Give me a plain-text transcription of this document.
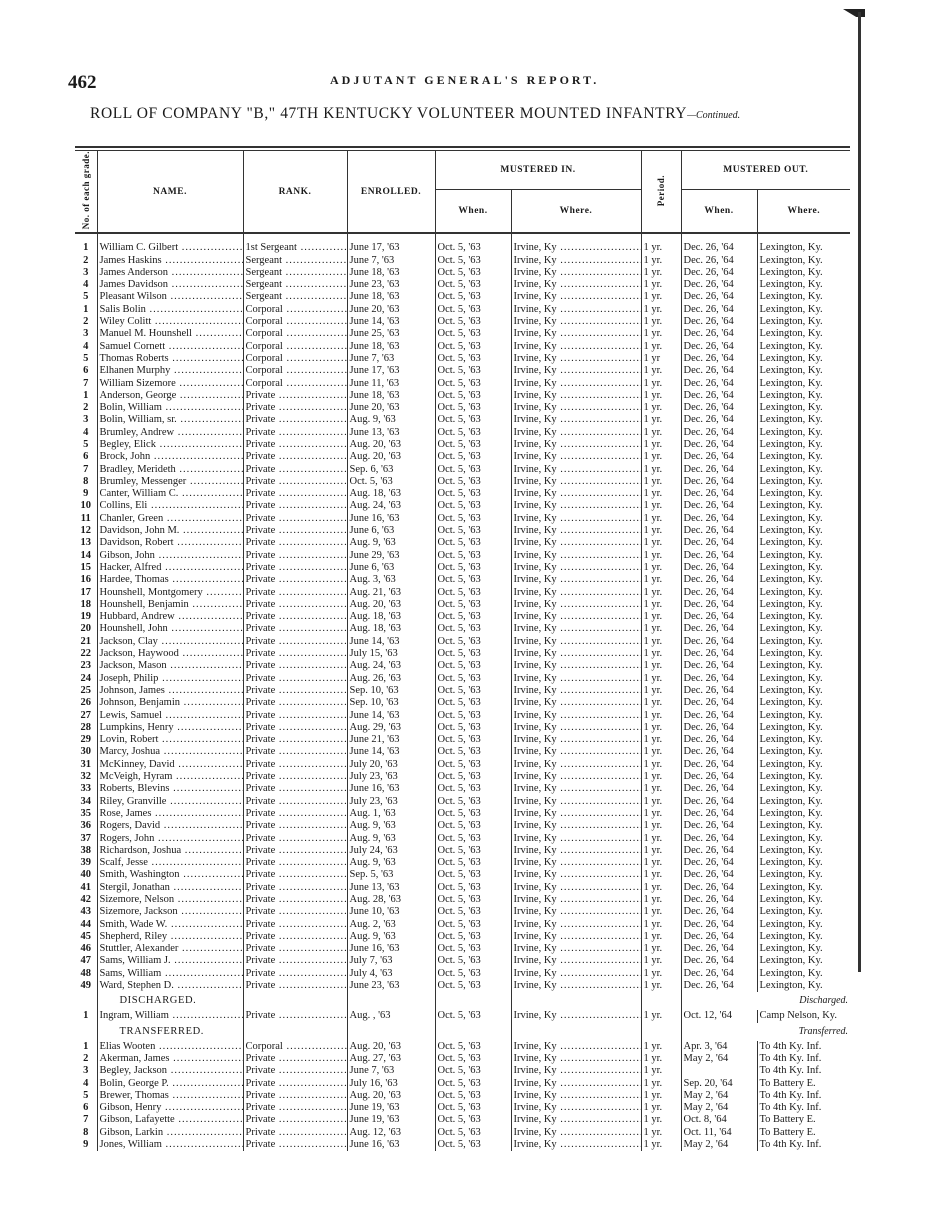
462	ADJUTANT GENERAL'S REPORT.
ROLL OF COMPANY "B," 47TH KENTUCKY VOLUNTEER MOUNTED INFANTRY—Continued.
No. of each grade.	NAME.	RANK.	ENROLLED.	MUSTERED IN.		Period.	MUSTERED OUT.	
				When.	Where.		When.	Where.

1	William C. Gilbert .....	1st Sergeant .....	June 17, '63	Oct. 5, '63	Irvine, Ky .....	1 yr.	Dec. 26, '64	Lexington, Ky.
2	James Haskins .....	Sergeant .....	June 7, '63	Oct. 5, '63	Irvine, Ky .....	1 yr.	Dec. 26, '64	Lexington, Ky.
3	James Anderson .....	Sergeant .....	June 18, '63	Oct. 5, '63	Irvine, Ky .....	1 yr.	Dec. 26, '64	Lexington, Ky.
4	James Davidson .....	Sergeant .....	June 23, '63	Oct. 5, '63	Irvine, Ky .....	1 yr.	Dec. 26, '64	Lexington, Ky.
5	Pleasant Wilson .....	Sergeant .....	June 18, '63	Oct. 5, '63	Irvine, Ky .....	1 yr.	Dec. 26, '64	Lexington, Ky.
1	Salis Bolin .....	Corporal .....	June 20, '63	Oct. 5, '63	Irvine, Ky .....	1 yr.	Dec. 26, '64	Lexington, Ky.
2	Wiley Colitt .....	Corporal .....	June 14, '63	Oct. 5, '63	Irvine, Ky .....	1 yr.	Dec. 26, '64	Lexington, Ky.
3	Manuel M. Hounshell .....	Corporal .....	June 25, '63	Oct. 5, '63	Irvine, Ky .....	1 yr.	Dec. 26, '64	Lexington, Ky.
4	Samuel Cornett .....	Corporal .....	June 18, '63	Oct. 5, '63	Irvine, Ky .....	1 yr.	Dec. 26, '64	Lexington, Ky.
5	Thomas Roberts .....	Corporal .....	June 7, '63	Oct. 5, '63	Irvine, Ky .....	1 yr	Dec. 26, '64	Lexington, Ky.
6	Elhanen Murphy .....	Corporal .....	June 17, '63	Oct. 5, '63	Irvine, Ky .....	1 yr.	Dec. 26, '64	Lexington, Ky.
7	William Sizemore .....	Corporal .....	June 11, '63	Oct. 5, '63	Irvine, Ky .....	1 yr.	Dec. 26, '64	Lexington, Ky.
1	Anderson, George .....	Private .....	June 18, '63	Oct. 5, '63	Irvine, Ky .....	1 yr.	Dec. 26, '64	Lexington, Ky.
2	Bolin, William .....	Private .....	June 20, '63	Oct. 5, '63	Irvine, Ky .....	1 yr.	Dec. 26, '64	Lexington, Ky.
3	Bolin, William, sr. .....	Private .....	Aug. 9, '63	Oct. 5, '63	Irvine, Ky .....	1 yr.	Dec. 26, '64	Lexington, Ky.
4	Brumley, Andrew .....	Private .....	June 13, '63	Oct. 5, '63	Irvine, Ky .....	1 yr.	Dec. 26, '64	Lexington, Ky.
5	Begley, Elick .....	Private .....	Aug. 20, '63	Oct. 5, '63	Irvine, Ky .....	1 yr.	Dec. 26, '64	Lexington, Ky.
6	Brock, John .....	Private .....	Aug. 20, '63	Oct. 5, '63	Irvine, Ky .....	1 yr.	Dec. 26, '64	Lexington, Ky.
7	Bradley, Merideth .....	Private .....	Sep. 6, '63	Oct. 5, '63	Irvine, Ky .....	1 yr.	Dec. 26, '64	Lexington, Ky.
8	Brumley, Messenger .....	Private .....	Oct. 5, '63	Oct. 5, '63	Irvine, Ky .....	1 yr.	Dec. 26, '64	Lexington, Ky.
9	Canter, William C. .....	Private .....	Aug. 18, '63	Oct. 5, '63	Irvine, Ky .....	1 yr.	Dec. 26, '64	Lexington, Ky.
10	Collins, Eli .....	Private .....	Aug. 24, '63	Oct. 5, '63	Irvine, Ky .....	1 yr.	Dec. 26, '64	Lexington, Ky.
11	Chanler, Green .....	Private .....	June 16, '63	Oct. 5, '63	Irvine, Ky .....	1 yr.	Dec. 26, '64	Lexington, Ky.
12	Davidson, John M. .....	Private .....	June 6, '63	Oct. 5, '63	Irvine, Ky .....	1 yr.	Dec. 26, '64	Lexington, Ky.
13	Davidson, Robert .....	Private .....	Aug. 9, '63	Oct. 5, '63	Irvine, Ky .....	1 yr.	Dec. 26, '64	Lexington, Ky.
14	Gibson, John .....	Private .....	June 29, '63	Oct. 5, '63	Irvine, Ky .....	1 yr.	Dec. 26, '64	Lexington, Ky.
15	Hacker, Alfred .....	Private .....	June 6, '63	Oct. 5, '63	Irvine, Ky .....	1 yr.	Dec. 26, '64	Lexington, Ky.
16	Hardee, Thomas .....	Private .....	Aug. 3, '63	Oct. 5, '63	Irvine, Ky .....	1 yr.	Dec. 26, '64	Lexington, Ky.
17	Hounshell, Montgomery .....	Private .....	Aug. 21, '63	Oct. 5, '63	Irvine, Ky .....	1 yr.	Dec. 26, '64	Lexington, Ky.
18	Hounshell, Benjamin .....	Private .....	Aug. 20, '63	Oct. 5, '63	Irvine, Ky .....	1 yr.	Dec. 26, '64	Lexington, Ky.
19	Hubbard, Andrew .....	Private .....	Aug. 18, '63	Oct. 5, '63	Irvine, Ky .....	1 yr.	Dec. 26, '64	Lexington, Ky.
20	Hounshell, John .....	Private .....	Aug. 18, '63	Oct. 5, '63	Irvine, Ky .....	1 yr.	Dec. 26, '64	Lexington, Ky.
21	Jackson, Clay .....	Private .....	June 14, '63	Oct. 5, '63	Irvine, Ky .....	1 yr.	Dec. 26, '64	Lexington, Ky.
22	Jackson, Haywood .....	Private .....	July 15, '63	Oct. 5, '63	Irvine, Ky .....	1 yr.	Dec. 26, '64	Lexington, Ky.
23	Jackson, Mason .....	Private .....	Aug. 24, '63	Oct. 5, '63	Irvine, Ky .....	1 yr.	Dec. 26, '64	Lexington, Ky.
24	Joseph, Philip .....	Private .....	Aug. 26, '63	Oct. 5, '63	Irvine, Ky .....	1 yr.	Dec. 26, '64	Lexington, Ky.
25	Johnson, James .....	Private .....	Sep. 10, '63	Oct. 5, '63	Irvine, Ky .....	1 yr.	Dec. 26, '64	Lexington, Ky.
26	Johnson, Benjamin .....	Private .....	Sep. 10, '63	Oct. 5, '63	Irvine, Ky .....	1 yr.	Dec. 26, '64	Lexington, Ky.
27	Lewis, Samuel .....	Private .....	June 14, '63	Oct. 5, '63	Irvine, Ky .....	1 yr.	Dec. 26, '64	Lexington, Ky.
28	Lumpkins, Henry .....	Private .....	Aug. 29, '63	Oct. 5, '63	Irvine, Ky .....	1 yr.	Dec. 26, '64	Lexington, Ky.
29	Lovin, Robert .....	Private .....	June 21, '63	Oct. 5, '63	Irvine, Ky .....	1 yr.	Dec. 26, '64	Lexington, Ky.
30	Marcy, Joshua .....	Private .....	June 14, '63	Oct. 5, '63	Irvine, Ky .....	1 yr.	Dec. 26, '64	Lexington, Ky.
31	McKinney, David .....	Private .....	July 20, '63	Oct. 5, '63	Irvine, Ky .....	1 yr.	Dec. 26, '64	Lexington, Ky.
32	McVeigh, Hyram .....	Private .....	July 23, '63	Oct. 5, '63	Irvine, Ky .....	1 yr.	Dec. 26, '64	Lexington, Ky.
33	Roberts, Blevins .....	Private .....	June 16, '63	Oct. 5, '63	Irvine, Ky .....	1 yr.	Dec. 26, '64	Lexington, Ky.
34	Riley, Granville .....	Private .....	July 23, '63	Oct. 5, '63	Irvine, Ky .....	1 yr.	Dec. 26, '64	Lexington, Ky.
35	Rose, James .....	Private .....	Aug. 1, '63	Oct. 5, '63	Irvine, Ky .....	1 yr.	Dec. 26, '64	Lexington, Ky.
36	Rogers, David .....	Private .....	Aug. 9, '63	Oct. 5, '63	Irvine, Ky .....	1 yr.	Dec. 26, '64	Lexington, Ky.
37	Rogers, John .....	Private .....	Aug. 9, '63	Oct. 5, '63	Irvine, Ky .....	1 yr.	Dec. 26, '64	Lexington, Ky.
38	Richardson, Joshua .....	Private .....	July 24, '63	Oct. 5, '63	Irvine, Ky .....	1 yr.	Dec. 26, '64	Lexington, Ky.
39	Scalf, Jesse .....	Private .....	Aug. 9, '63	Oct. 5, '63	Irvine, Ky .....	1 yr.	Dec. 26, '64	Lexington, Ky.
40	Smith, Washington .....	Private .....	Sep. 5, '63	Oct. 5, '63	Irvine, Ky .....	1 yr.	Dec. 26, '64	Lexington, Ky.
41	Stergil, Jonathan .....	Private .....	June 13, '63	Oct. 5, '63	Irvine, Ky .....	1 yr.	Dec. 26, '64	Lexington, Ky.
42	Sizemore, Nelson .....	Private .....	Aug. 28, '63	Oct. 5, '63	Irvine, Ky .....	1 yr.	Dec. 26, '64	Lexington, Ky.
43	Sizemore, Jackson .....	Private .....	June 10, '63	Oct. 5, '63	Irvine, Ky .....	1 yr.	Dec. 26, '64	Lexington, Ky.
44	Smith, Wade W. .....	Private .....	Aug. 2, '63	Oct. 5, '63	Irvine, Ky .....	1 yr.	Dec. 26, '64	Lexington, Ky.
45	Shepherd, Riley .....	Private .....	Aug. 9, '63	Oct. 5, '63	Irvine, Ky .....	1 yr.	Dec. 26, '64	Lexington, Ky.
46	Stuttler, Alexander .....	Private .....	June 16, '63	Oct. 5, '63	Irvine, Ky .....	1 yr.	Dec. 26, '64	Lexington, Ky.
47	Sams, William J. .....	Private .....	July 7, '63	Oct. 5, '63	Irvine, Ky .....	1 yr.	Dec. 26, '64	Lexington, Ky.
48	Sams, William .....	Private .....	July 4, '63	Oct. 5, '63	Irvine, Ky .....	1 yr.	Dec. 26, '64	Lexington, Ky.
49	Ward, Stephen D. .....	Private .....	June 23, '63	Oct. 5, '63	Irvine, Ky .....	1 yr.	Dec. 26, '64	Lexington, Ky.
	DISCHARGED.						Discharged.	
1	Ingram, William .....	Private .....	Aug. , '63	Oct. 5, '63	Irvine, Ky .....	1 yr.	Oct. 12, '64	Camp Nelson, Ky.
	TRANSFERRED.						Transferred.	
1	Elias Wooten .....	Corporal .....	Aug. 20, '63	Oct. 5, '63	Irvine, Ky .....	1 yr.	Apr. 3, '64	To 4th Ky. Inf.
2	Akerman, James .....	Private .....	Aug. 27, '63	Oct. 5, '63	Irvine, Ky .....	1 yr.	May 2, '64	To 4th Ky. Inf.
3	Begley, Jackson .....	Private .....	June 7, '63	Oct. 5, '63	Irvine, Ky .....	1 yr.		To 4th Ky. Inf.
4	Bolin, George P. .....	Private .....	July 16, '63	Oct. 5, '63	Irvine, Ky .....	1 yr.	Sep. 20, '64	To Battery E.
5	Brewer, Thomas .....	Private .....	Aug. 20, '63	Oct. 5, '63	Irvine, Ky .....	1 yr.	May 2, '64	To 4th Ky. Inf.
6	Gibson, Henry .....	Private .....	June 19, '63	Oct. 5, '63	Irvine, Ky .....	1 yr.	May 2, '64	To 4th Ky. Inf.
7	Gibson, Lafayette .....	Private .....	June 19, '63	Oct. 5, '63	Irvine, Ky .....	1 yr.	Oct. 8, '64	To Battery E.
8	Gibson, Larkin .....	Private .....	Aug. 12, '63	Oct. 5, '63	Irvine, Ky .....	1 yr.	Oct. 11, '64	To Battery E.
9	Jones, William .....	Private .....	June 16, '63	Oct. 5, '63	Irvine, Ky .....	1 yr.	May 2, '64	To 4th Ky. Inf.
